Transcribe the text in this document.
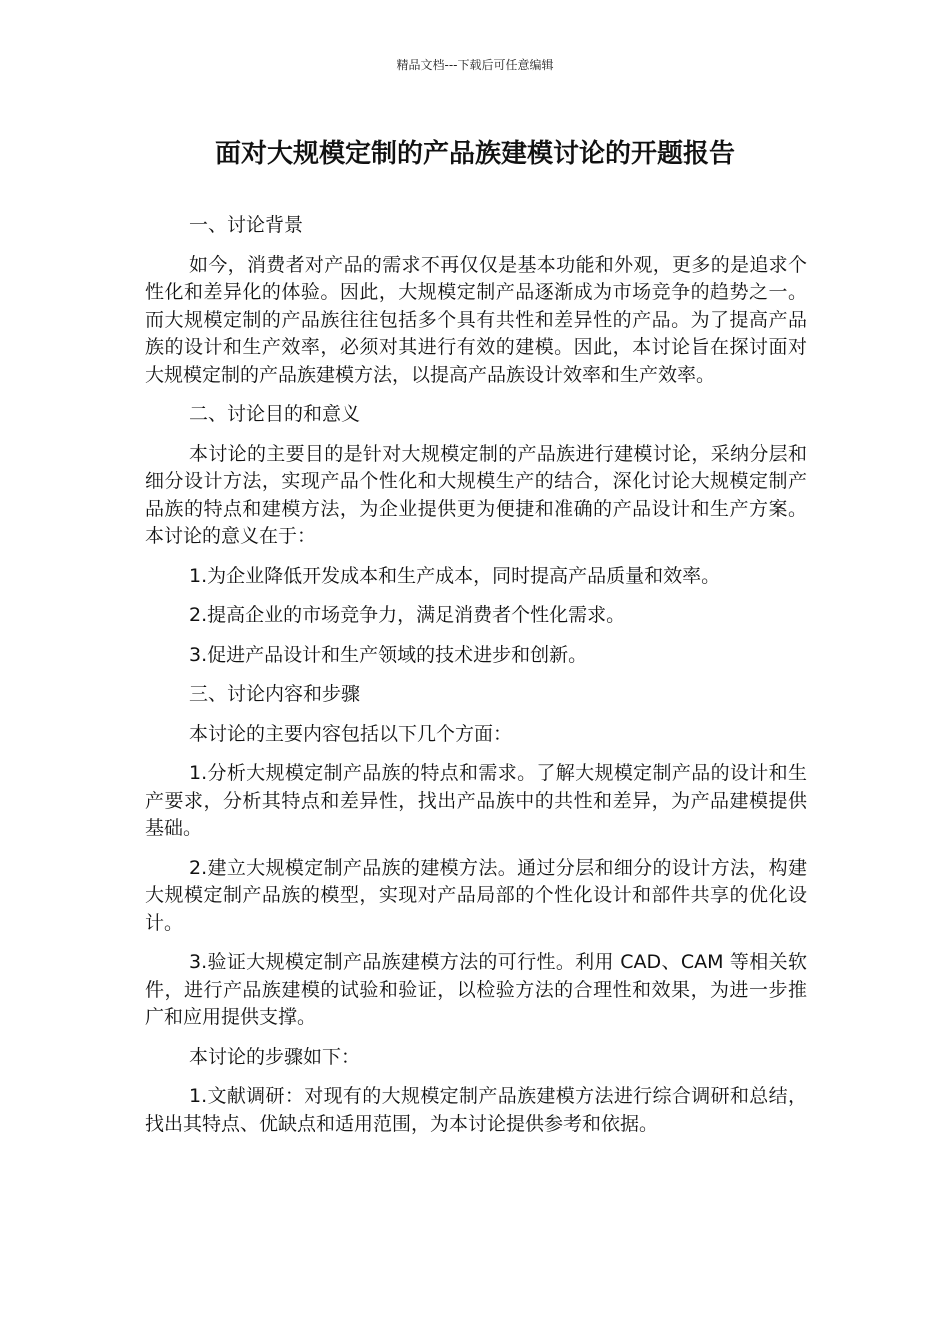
精品文档---下载后可任意编辑
面对大规模定制的产品族建模讨论的开题报告

一、讨论背景

如今，消费者对产品的需求不再仅仅是基本功能和外观，更多的是追求个性化和差异化的体验。因此，大规模定制产品逐渐成为市场竞争的趋势之一。而大规模定制的产品族往往包括多个具有共性和差异性的产品。为了提高产品族的设计和生产效率，必须对其进行有效的建模。因此，本讨论旨在探讨面对大规模定制的产品族建模方法，以提高产品族设计效率和生产效率。

二、讨论目的和意义

本讨论的主要目的是针对大规模定制的产品族进行建模讨论，采纳分层和细分设计方法，实现产品个性化和大规模生产的结合，深化讨论大规模定制产品族的特点和建模方法，为企业提供更为便捷和准确的产品设计和生产方案。本讨论的意义在于：

1.为企业降低开发成本和生产成本，同时提高产品质量和效率。

2.提高企业的市场竞争力，满足消费者个性化需求。

3.促进产品设计和生产领域的技术进步和创新。

三、讨论内容和步骤

本讨论的主要内容包括以下几个方面：

1.分析大规模定制产品族的特点和需求。了解大规模定制产品的设计和生产要求，分析其特点和差异性，找出产品族中的共性和差异，为产品建模提供基础。

2.建立大规模定制产品族的建模方法。通过分层和细分的设计方法，构建大规模定制产品族的模型，实现对产品局部的个性化设计和部件共享的优化设计。

3.验证大规模定制产品族建模方法的可行性。利用 CAD、CAM 等相关软件，进行产品族建模的试验和验证，以检验方法的合理性和效果，为进一步推广和应用提供支撑。

本讨论的步骤如下：

1.文献调研：对现有的大规模定制产品族建模方法进行综合调研和总结，找出其特点、优缺点和适用范围，为本讨论提供参考和依据。
